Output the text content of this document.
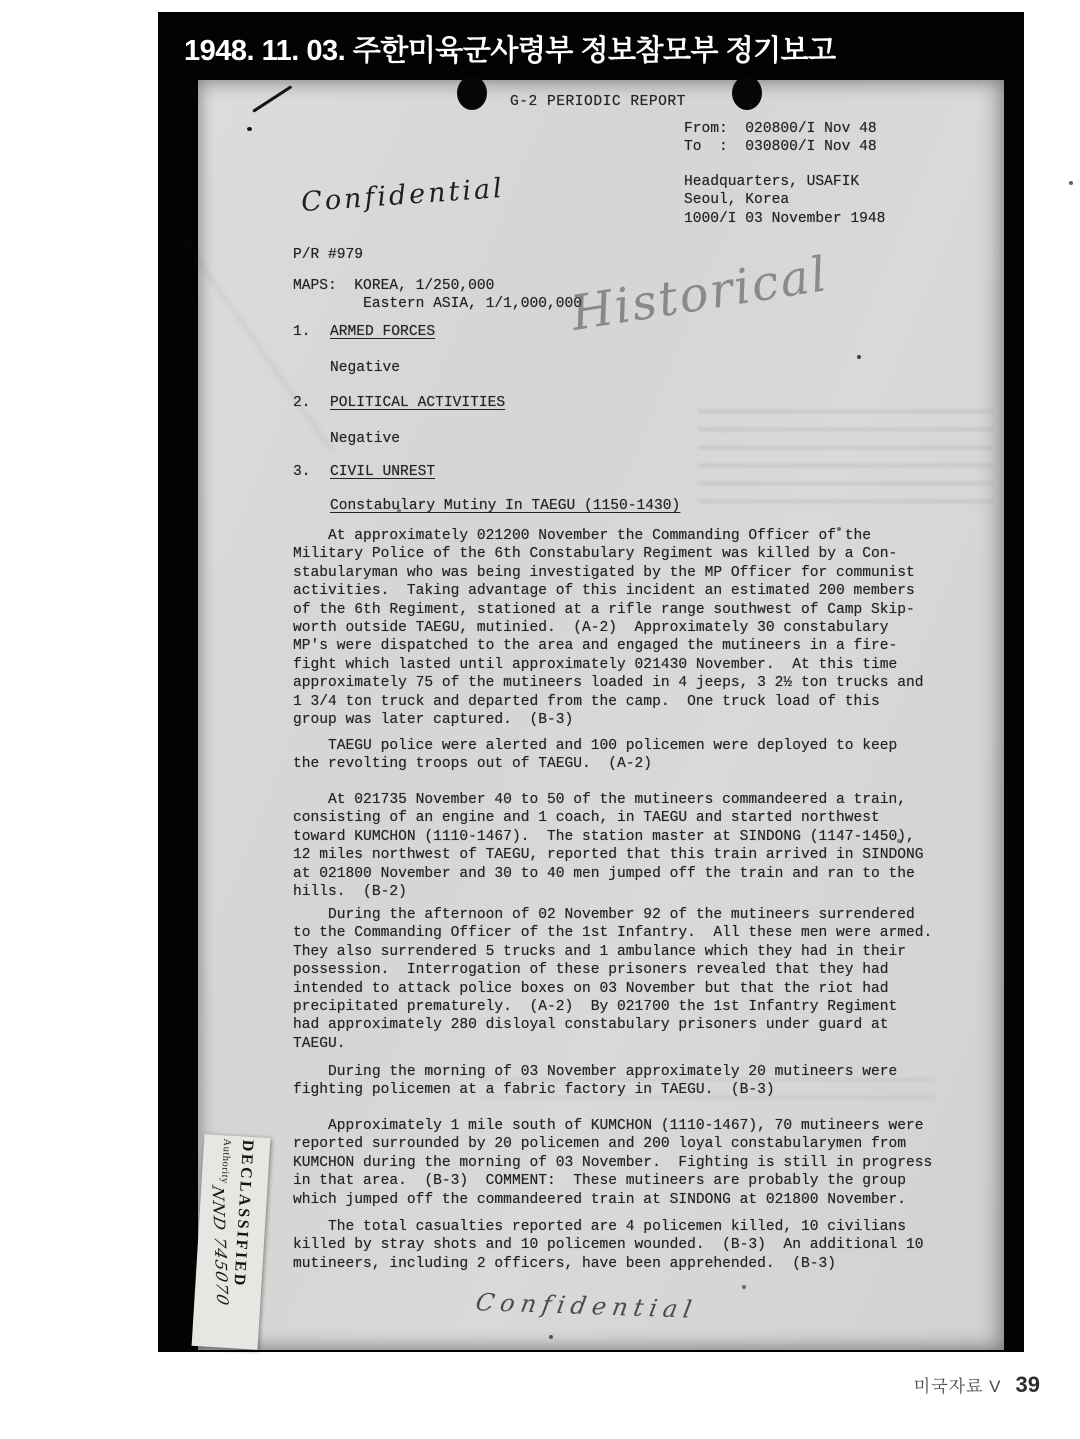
1948. 11. 03. 주한미육군사령부 정보참모부 정기보고
G-2 PERIODIC REPORT
From:  020800/I Nov 48
To  :  030800/I Nov 48
Headquarters, USAFIK
Seoul, Korea
1000/I 03 November 1948
Confidential
P/R #979
MAPS:  KOREA, 1/250,000
Eastern ASIA, 1/1,000,000
Historical
1.	ARMED FORCES
Negative
2.	POLITICAL ACTIVITIES
Negative
3.	CIVIL UNREST
Constabulary Mutiny In TAEGU (1150-1430)
At approximately 021200 November the Commanding Officer of the
Military Police of the 6th Constabulary Regiment was killed by a Con-
stabularyman who was being investigated by the MP Officer for communist
activities.  Taking advantage of this incident an estimated 200 members
of the 6th Regiment, stationed at a rifle range southwest of Camp Skip-
worth outside TAEGU, mutinied.  (A-2)  Approximately 30 constabulary
MP's were dispatched to the area and engaged the mutineers in a fire-
fight which lasted until approximately 021430 November.  At this time
approximately 75 of the mutineers loaded in 4 jeeps, 3 2½ ton trucks and
1 3/4 ton truck and departed from the camp.  One truck load of this
group was later captured.  (B-3)
TAEGU police were alerted and 100 policemen were deployed to keep
the revolting troops out of TAEGU.  (A-2)
At 021735 November 40 to 50 of the mutineers commandeered a train,
consisting of an engine and 1 coach, in TAEGU and started northwest
toward KUMCHON (1110-1467).  The station master at SINDONG (1147-1450),
12 miles northwest of TAEGU, reported that this train arrived in SINDONG
at 021800 November and 30 to 40 men jumped off the train and ran to the
hills.  (B-2)
During the afternoon of 02 November 92 of the mutineers surrendered
to the Commanding Officer of the 1st Infantry.  All these men were armed.
They also surrendered 5 trucks and 1 ambulance which they had in their
possession.  Interrogation of these prisoners revealed that they had
intended to attack police boxes on 03 November but that the riot had
precipitated prematurely.  (A-2)  By 021700 the 1st Infantry Regiment
had approximately 280 disloyal constabulary prisoners under guard at
TAEGU.
During the morning of 03 November approximately 20 mutineers were
fighting policemen at a fabric factory in TAEGU.  (B-3)
Approximately 1 mile south of KUMCHON (1110-1467), 70 mutineers were
reported surrounded by 20 policemen and 200 loyal constabularymen from
KUMCHON during the morning of 03 November.  Fighting is still in progress
in that area.  (B-3)  COMMENT:  These mutineers are probably the group
which jumped off the commandeered train at SINDONG at 021800 November.
The total casualties reported are 4 policemen killed, 10 civilians
killed by stray shots and 10 policemen wounded.  (B-3)  An additional 10
mutineers, including 2 officers, have been apprehended.  (B-3)
Confidential
DECLASSIFIED
Authority
NND 745070
미국자료 V 39
